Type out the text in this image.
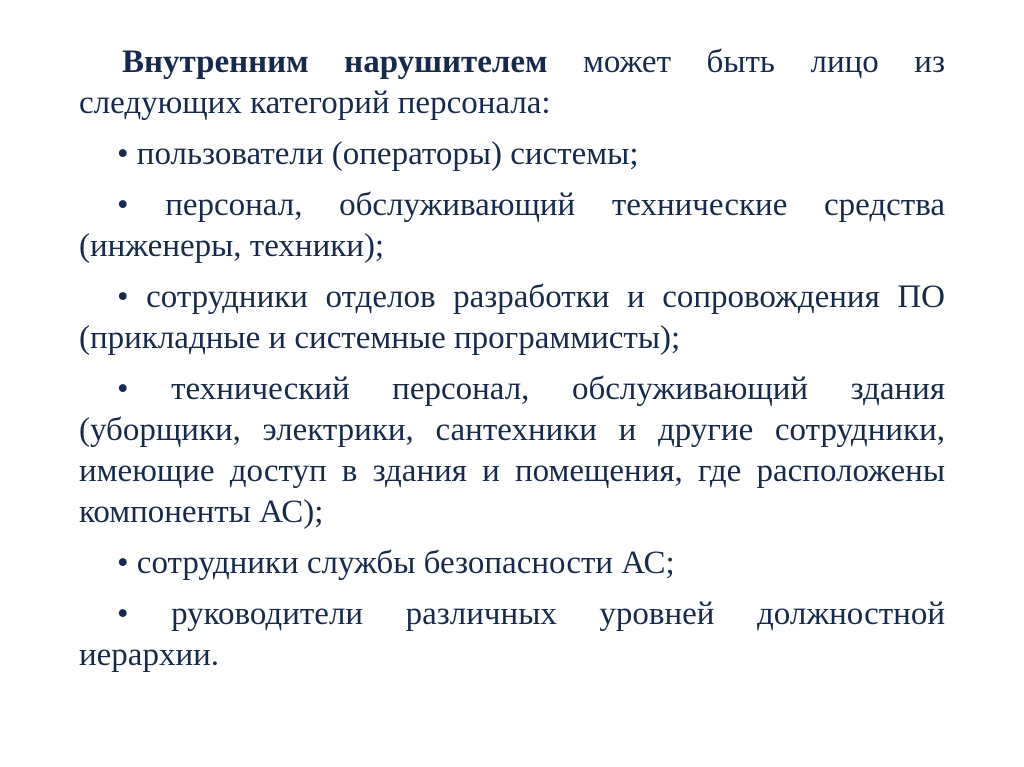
Внутренним нарушителем может быть лицо из следующих категорий персонала:

• пользователи (операторы) системы;

• персонал, обслуживающий технические средства (инженеры, техники);

• сотрудники отделов разработки и сопровождения ПО (прикладные и системные программисты);

• технический персонал, обслуживающий здания (уборщики, электрики, сантехники и другие сотрудники, имеющие доступ в здания и помещения, где расположены компоненты АС);

• сотрудники службы безопасности АС;

• руководители различных уровней должностной иерархии.
